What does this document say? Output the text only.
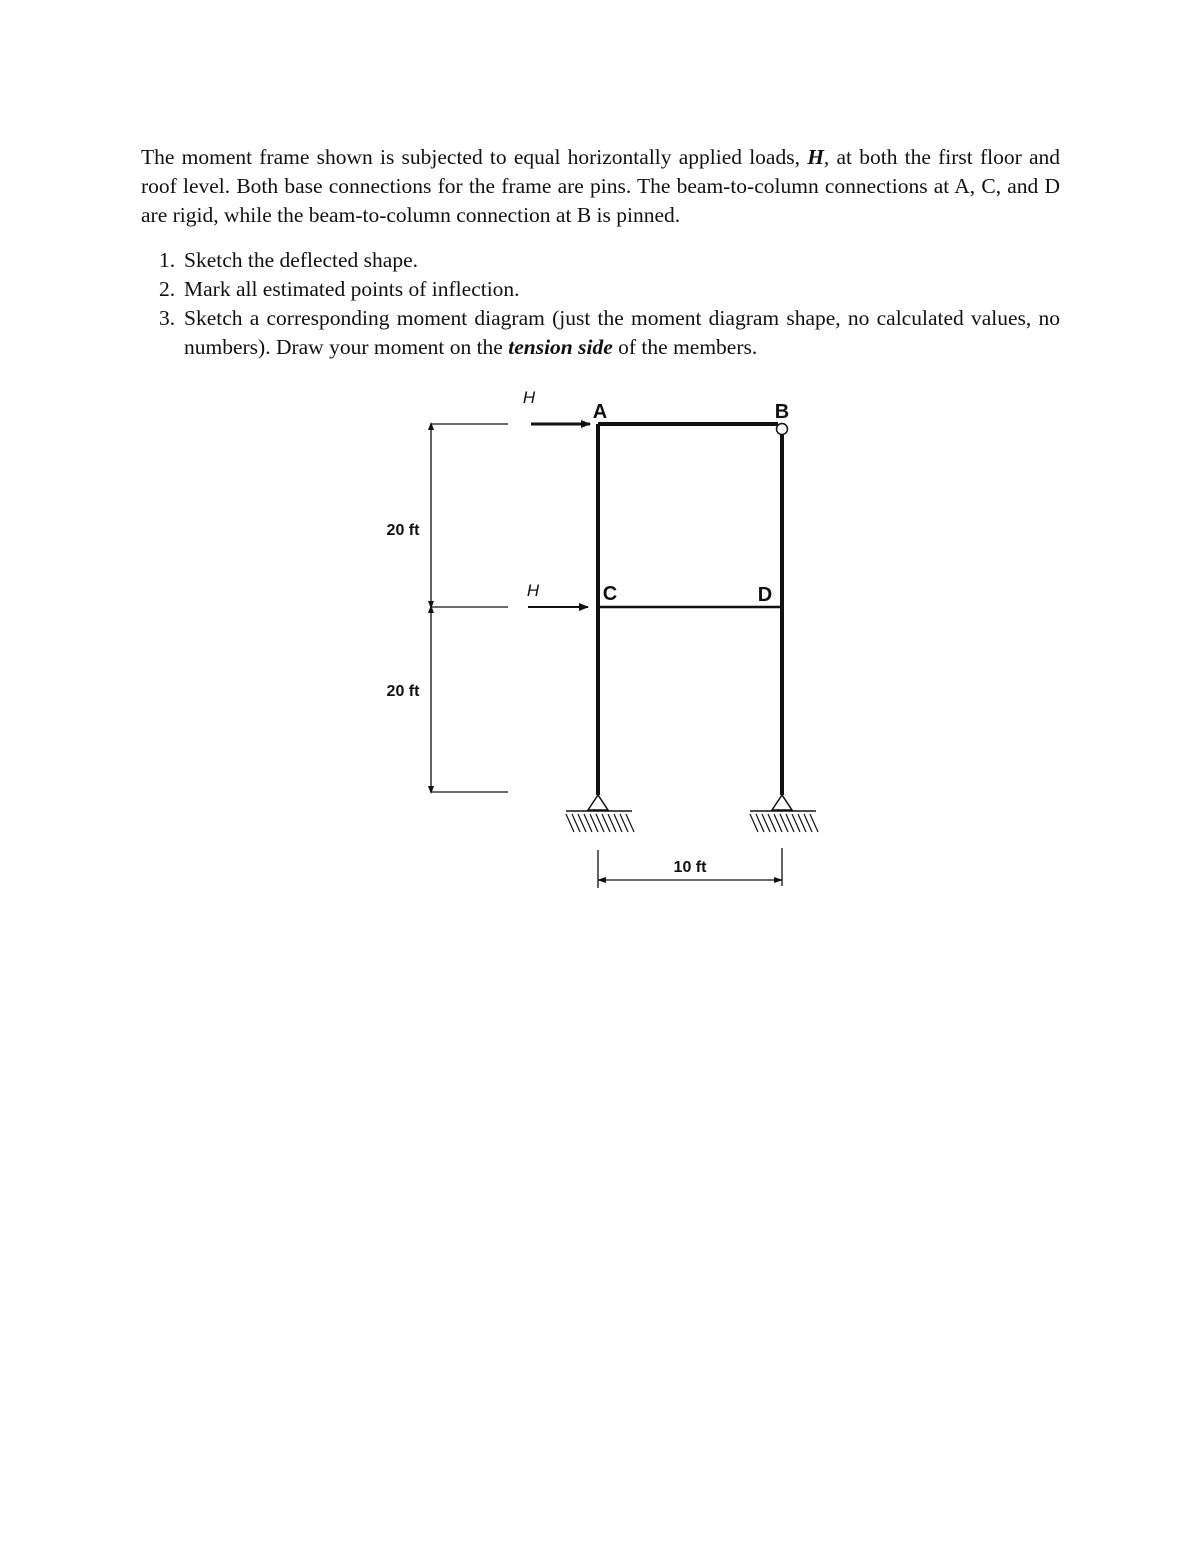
The moment frame shown is subjected to equal horizontally applied loads, H, at both the first floor and roof level. Both base connections for the frame are pins. The beam-to-column connections at A, C, and D are rigid, while the beam-to-column connection at B is pinned.

1. Sketch the deflected shape.
2. Mark all estimated points of inflection.
3. Sketch a corresponding moment diagram (just the moment diagram shape, no calculated values, no numbers). Draw your moment on the tension side of the members.
H
H
A	B
C	D
20 ft
20 ft
10 ft
